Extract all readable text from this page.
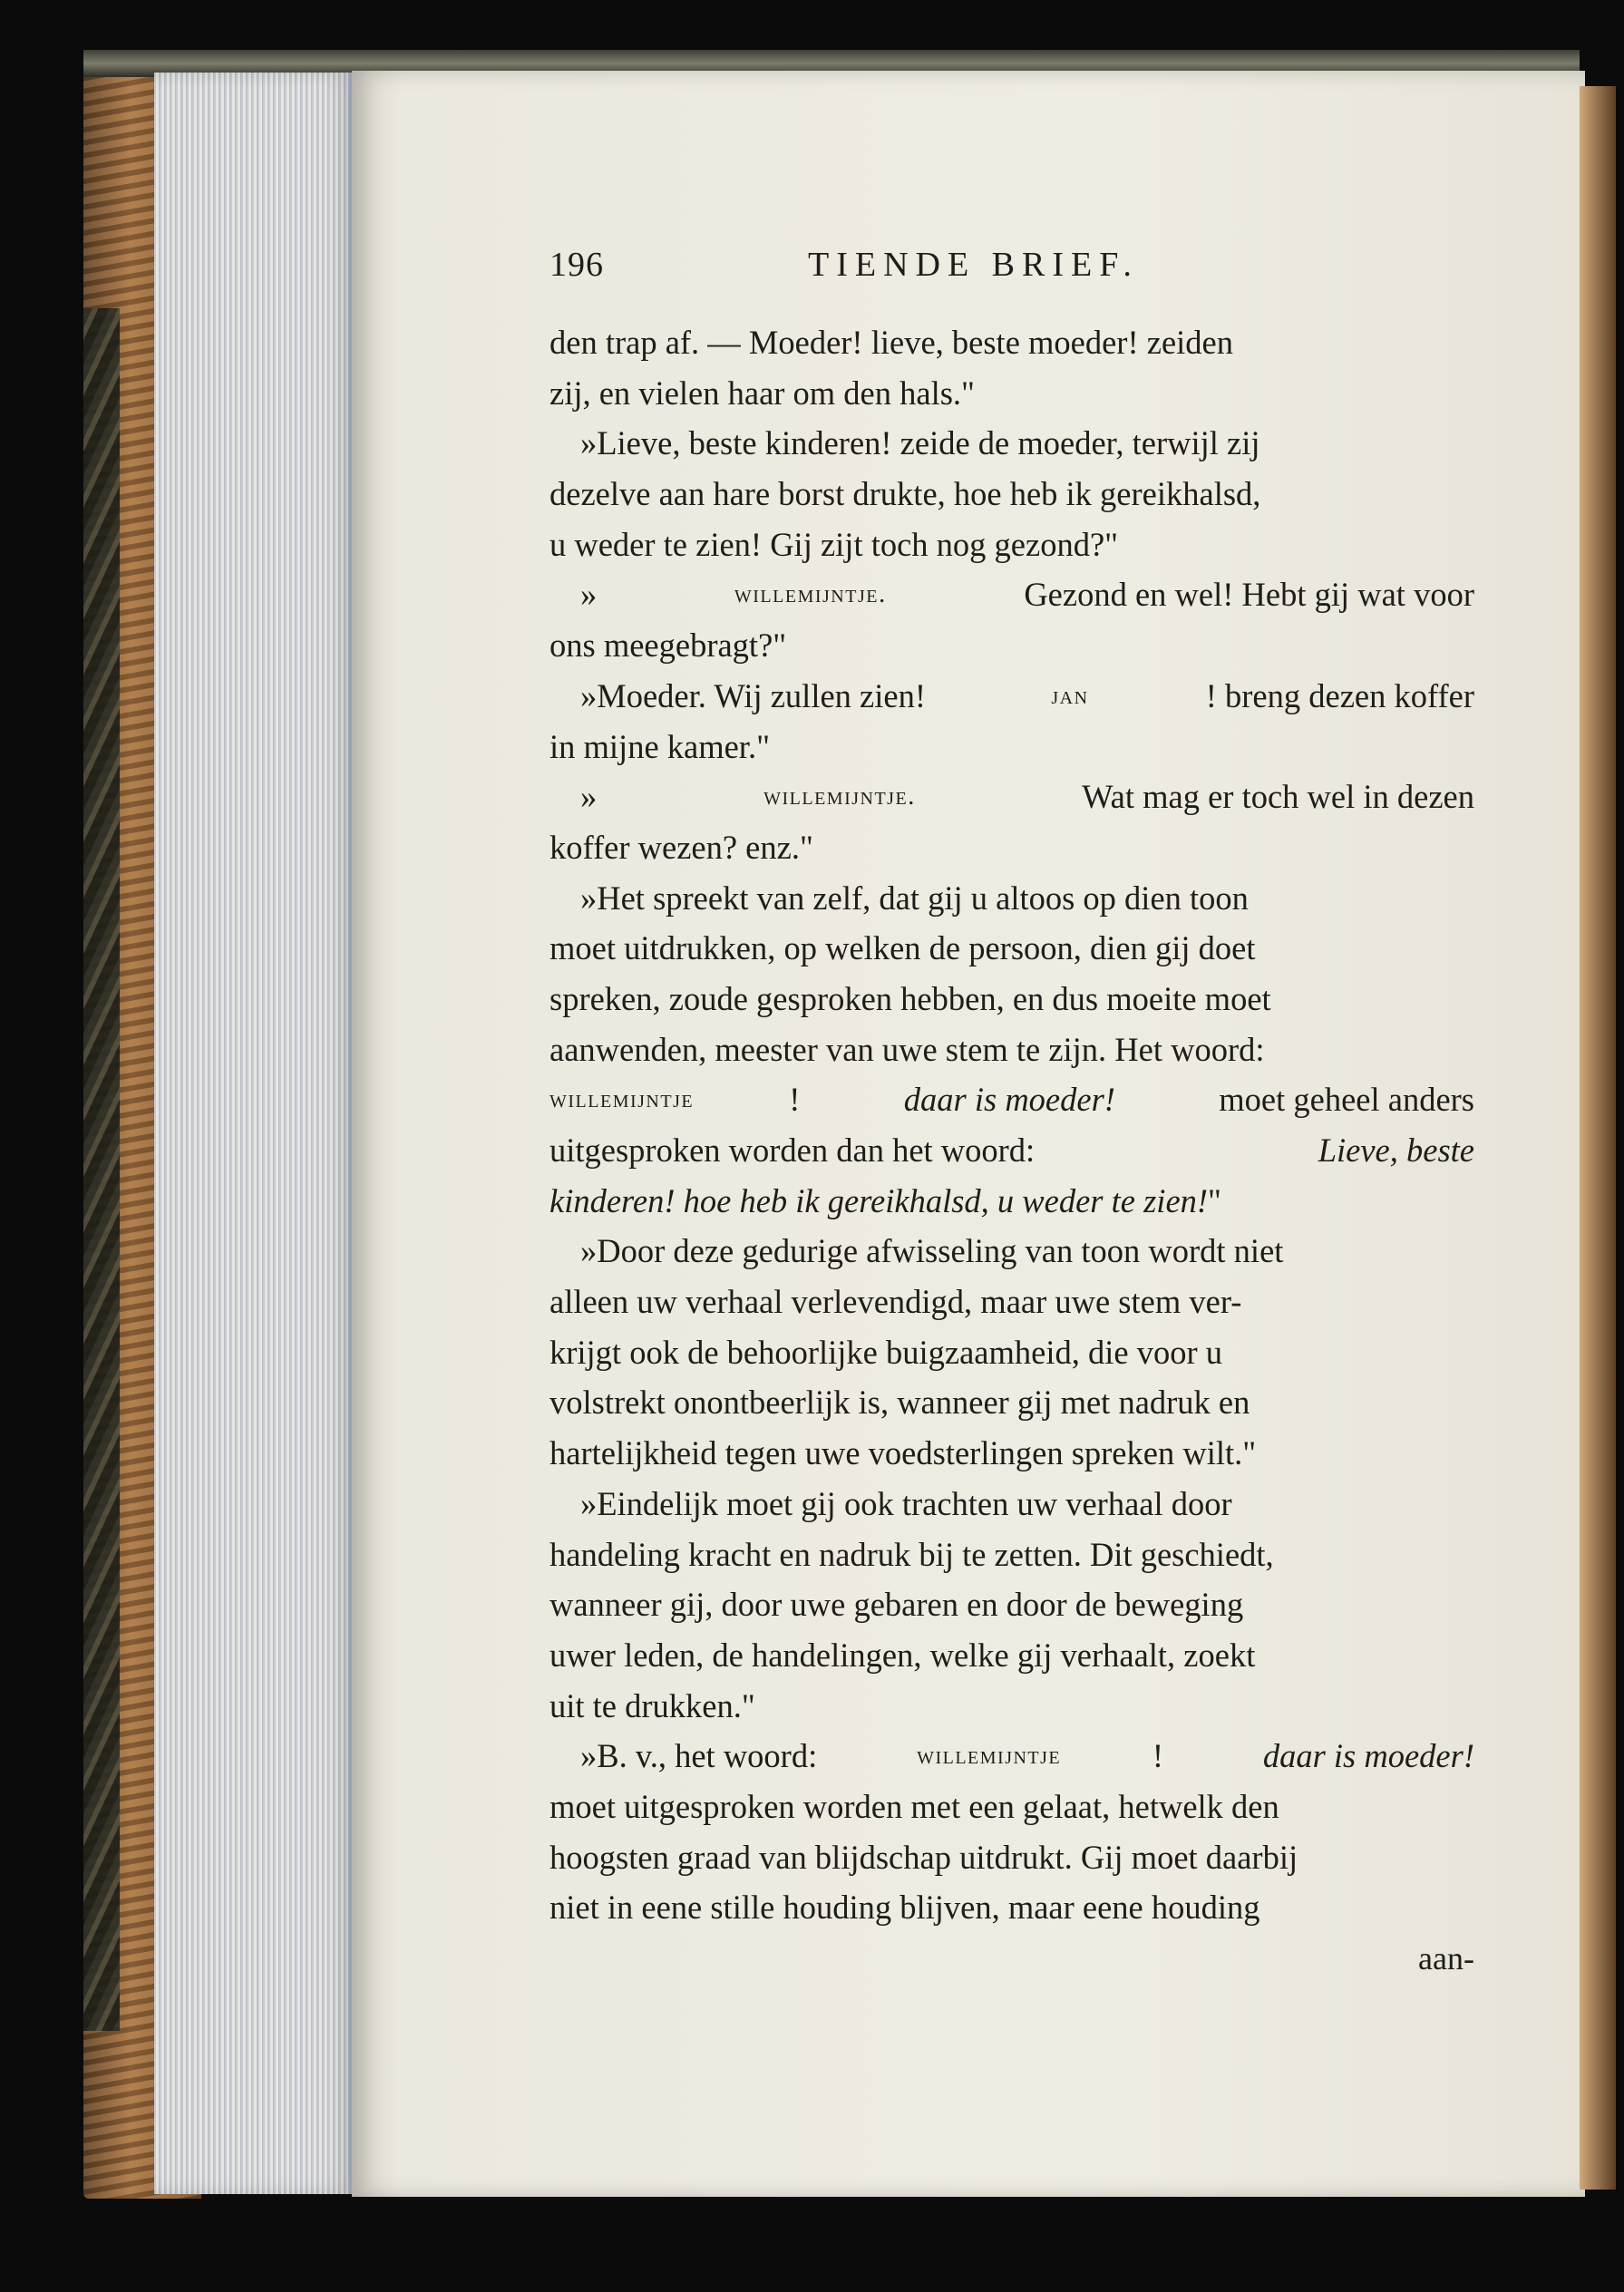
196	TIENDE BRIEF.
den trap af. — Moeder! lieve, beste moeder! zeiden
zij, en vielen haar om den hals."
»Lieve, beste kinderen! zeide de moeder, terwijl zij
dezelve aan hare borst drukte, hoe heb ik gereikhalsd,
u weder te zien! Gij zijt toch nog gezond?"
»	willemijntje.	Gezond en wel! Hebt gij wat voor
ons meegebragt?"
»Moeder. Wij zullen zien!	jan	! breng dezen koffer
in mijne kamer."
»	willemijntje.	Wat mag er toch wel in dezen
koffer wezen? enz."
»Het spreekt van zelf, dat gij u altoos op dien toon
moet uitdrukken, op welken de persoon, dien gij doet
spreken, zoude gesproken hebben, en dus moeite moet
aanwenden, meester van uwe stem te zijn. Het woord:
willemijntje	!	daar is moeder!	moet geheel anders
uitgesproken worden dan het woord:	Lieve, beste
kinderen! hoe heb ik gereikhalsd, u weder te zien! "
»Door deze gedurige afwisseling van toon wordt niet
alleen uw verhaal verlevendigd, maar uwe stem ver-
krijgt ook de behoorlijke buigzaamheid, die voor u
volstrekt onontbeerlijk is, wanneer gij met nadruk en
hartelijkheid tegen uwe voedsterlingen spreken wilt."
»Eindelijk moet gij ook trachten uw verhaal door
handeling kracht en nadruk bij te zetten. Dit geschiedt,
wanneer gij, door uwe gebaren en door de beweging
uwer leden, de handelingen, welke gij verhaalt, zoekt
uit te drukken."
»B. v., het woord:	willemijntje	!	daar is moeder!
moet uitgesproken worden met een gelaat, hetwelk den
hoogsten graad van blijdschap uitdrukt. Gij moet daarbij
niet in eene stille houding blijven, maar eene houding
aan-
